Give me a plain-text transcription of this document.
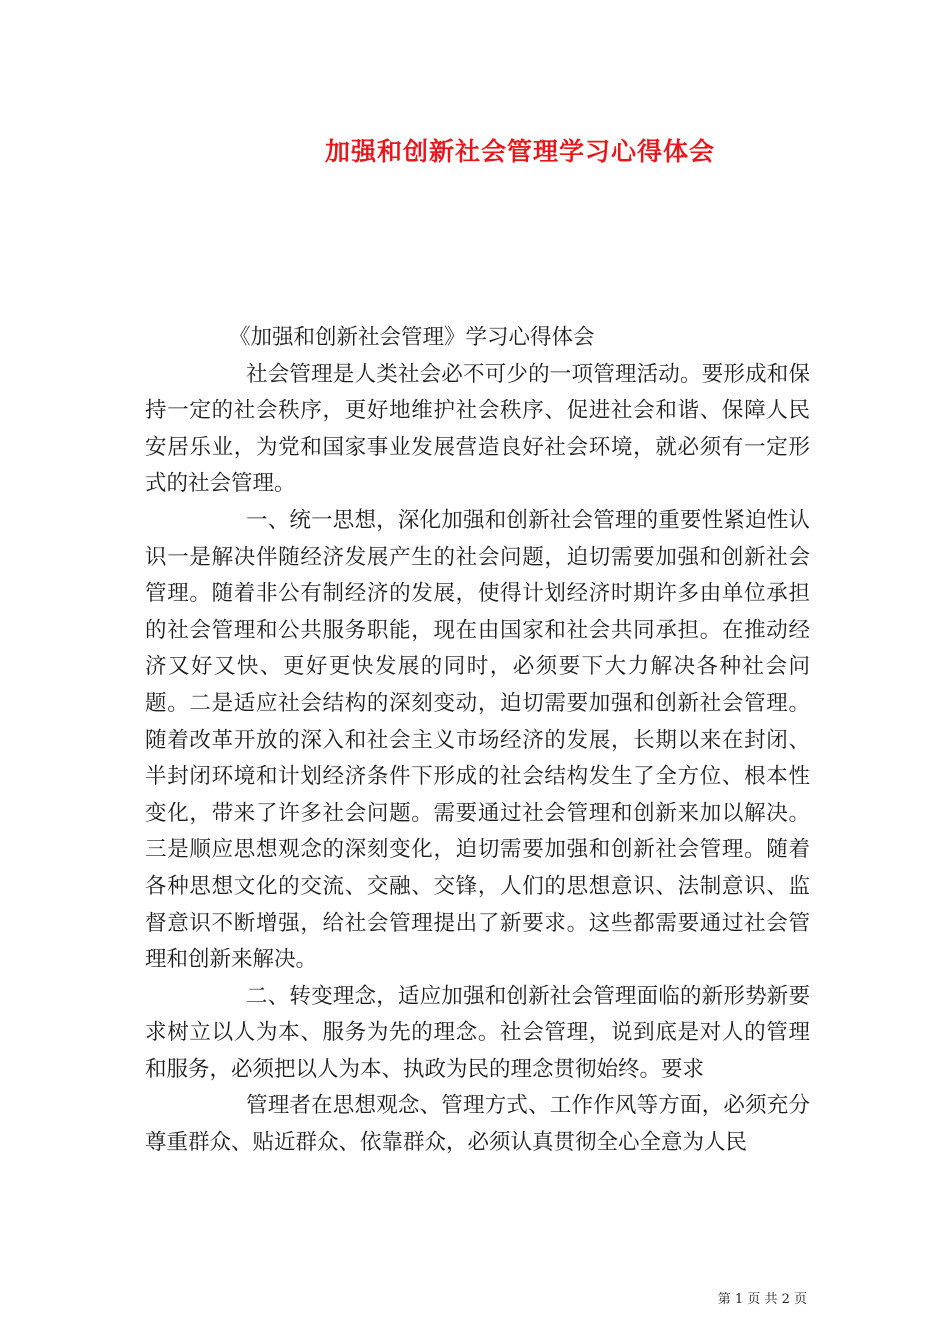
加强和创新社会管理学习心得体会

《加强和创新社会管理》学习心得体会

社会管理是人类社会必不可少的一项管理活动。要形成和保持一定的社会秩序，更好地维护社会秩序、促进社会和谐、保障人民安居乐业，为党和国家事业发展营造良好社会环境，就必须有一定形式的社会管理。

一、统一思想，深化加强和创新社会管理的重要性紧迫性认识一是解决伴随经济发展产生的社会问题，迫切需要加强和创新社会管理。随着非公有制经济的发展，使得计划经济时期许多由单位承担的社会管理和公共服务职能，现在由国家和社会共同承担。在推动经济又好又快、更好更快发展的同时，必须要下大力解决各种社会问题。二是适应社会结构的深刻变动，迫切需要加强和创新社会管理。随着改革开放的深入和社会主义市场经济的发展，长期以来在封闭、半封闭环境和计划经济条件下形成的社会结构发生了全方位、根本性变化，带来了许多社会问题。需要通过社会管理和创新来加以解决。三是顺应思想观念的深刻变化，迫切需要加强和创新社会管理。随着各种思想文化的交流、交融、交锋，人们的思想意识、法制意识、监督意识不断增强，给社会管理提出了新要求。这些都需要通过社会管理和创新来解决。

二、转变理念，适应加强和创新社会管理面临的新形势新要求树立以人为本、服务为先的理念。社会管理，说到底是对人的管理和服务，必须把以人为本、执政为民的理念贯彻始终。要求

管理者在思想观念、管理方式、工作作风等方面，必须充分尊重群众、贴近群众、依靠群众，必须认真贯彻全心全意为人民

第 1 页 共 2 页
